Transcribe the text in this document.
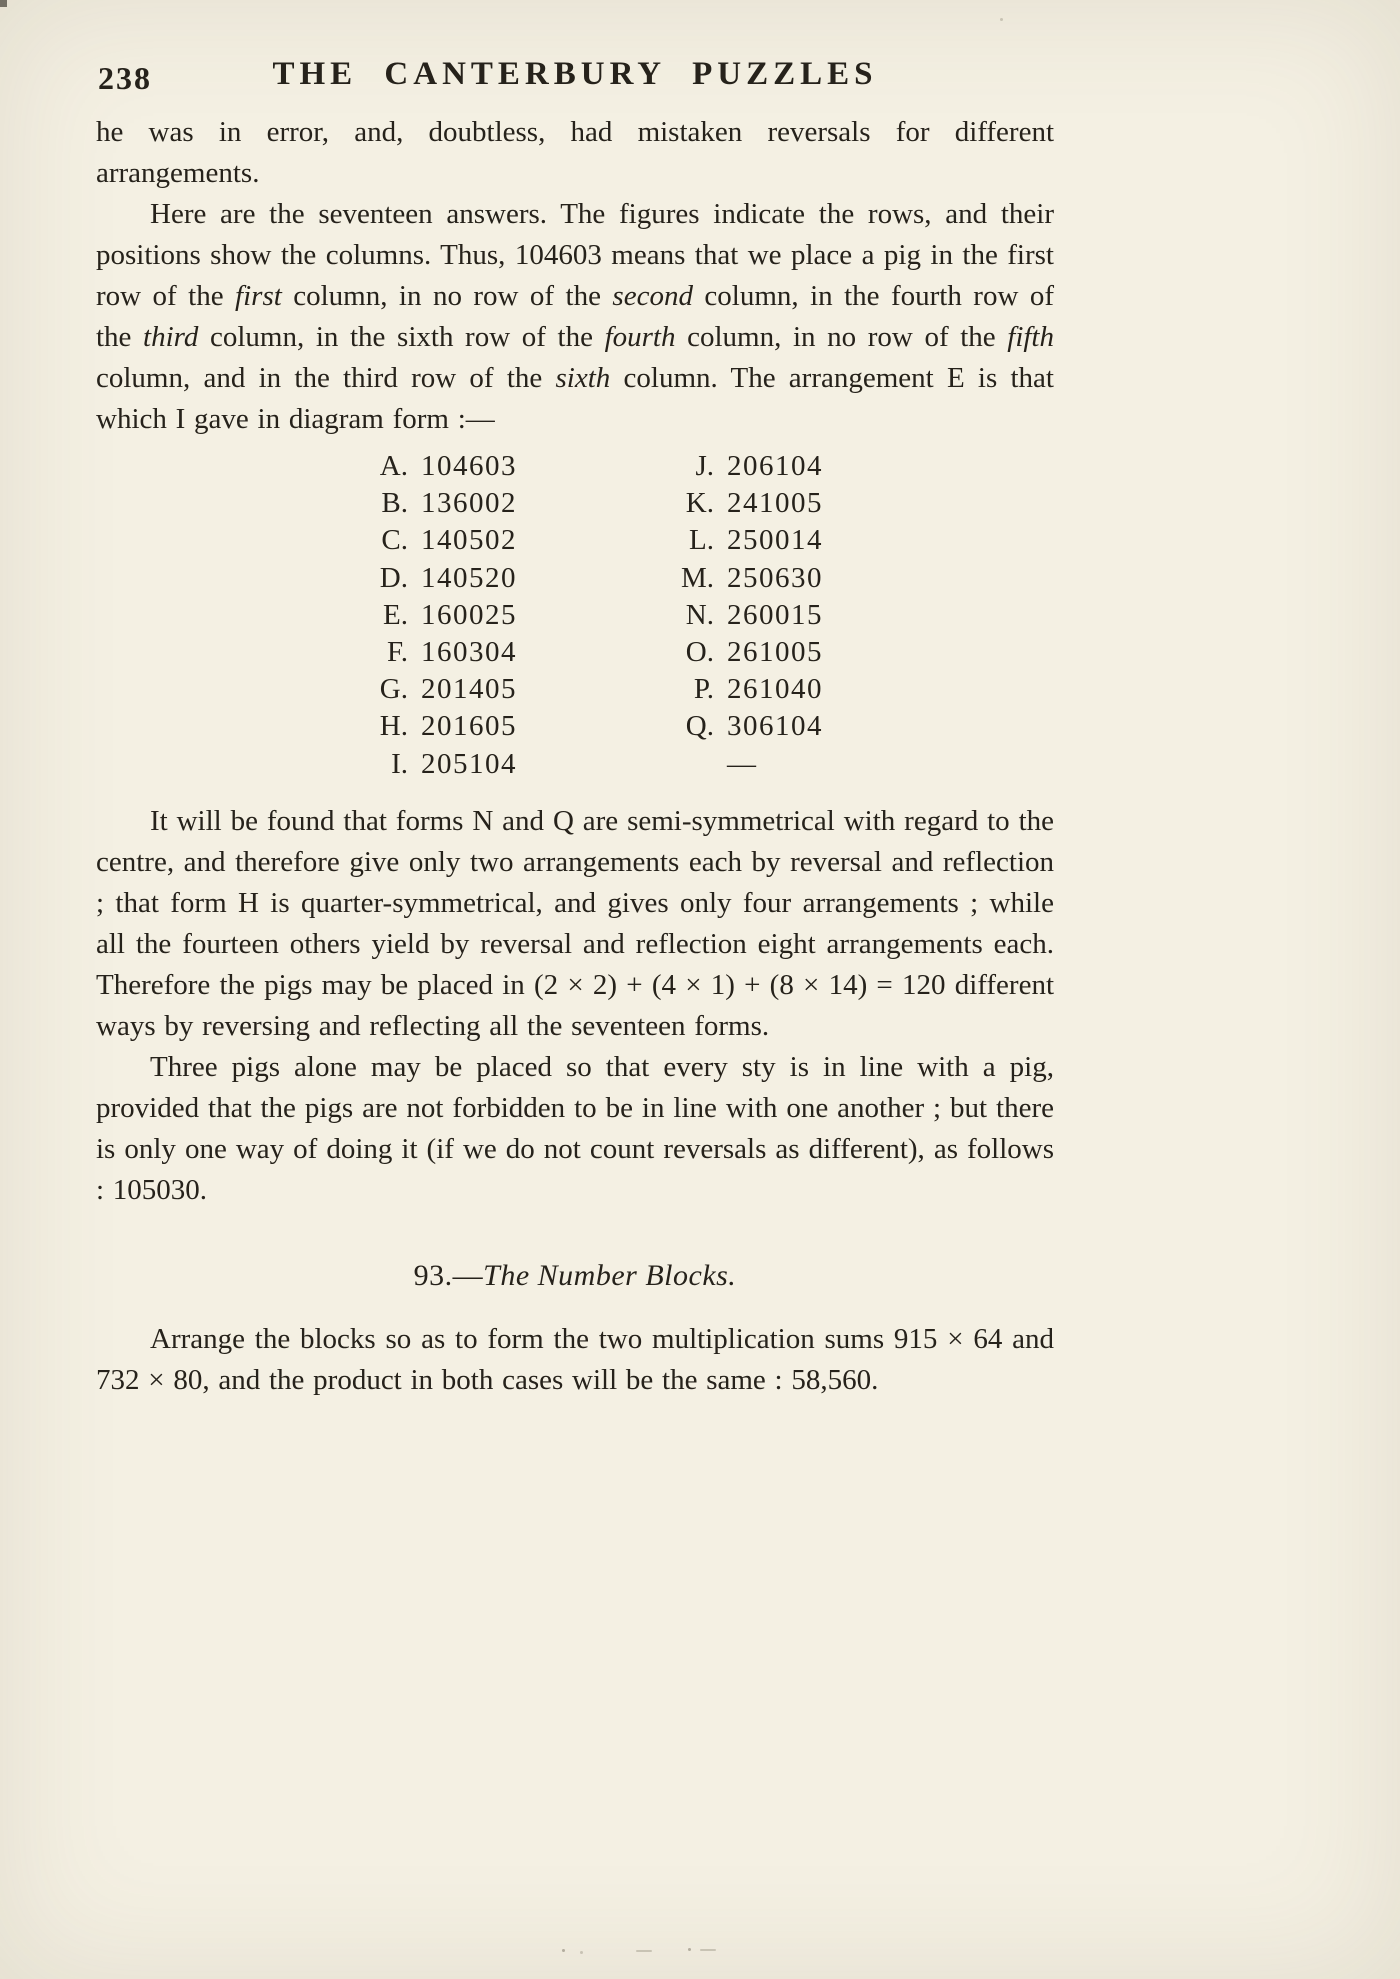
238	THE CANTERBURY PUZZLES

he was in error, and, doubtless, had mistaken reversals for different arrangements.

Here are the seventeen answers. The figures indicate the rows, and their positions show the columns. Thus, 104603 means that we place a pig in the first row of the first column, in no row of the second column, in the fourth row of the third column, in the sixth row of the fourth column, in no row of the fifth column, and in the third row of the sixth column. The arrangement E is that which I gave in diagram form :—

A. 104603
B. 136002
C. 140502
D. 140520
E. 160025
F. 160304
G. 201405
H. 201605
I. 205104
J. 206104
K. 241005
L. 250014
M. 250630
N. 260015
O. 261005
P. 261040
Q. 306104
—

It will be found that forms N and Q are semi-symmetrical with regard to the centre, and therefore give only two arrangements each by reversal and reflection ; that form H is quarter-symmetrical, and gives only four arrangements ; while all the fourteen others yield by reversal and reflection eight arrangements each. Therefore the pigs may be placed in (2 × 2) + (4 × 1) + (8 × 14) = 120 different ways by reversing and reflecting all the seventeen forms.

Three pigs alone may be placed so that every sty is in line with a pig, provided that the pigs are not forbidden to be in line with one another ; but there is only one way of doing it (if we do not count reversals as different), as follows : 105030.

93.—The Number Blocks.

Arrange the blocks so as to form the two multiplication sums 915 × 64 and 732 × 80, and the product in both cases will be the same : 58,560.
